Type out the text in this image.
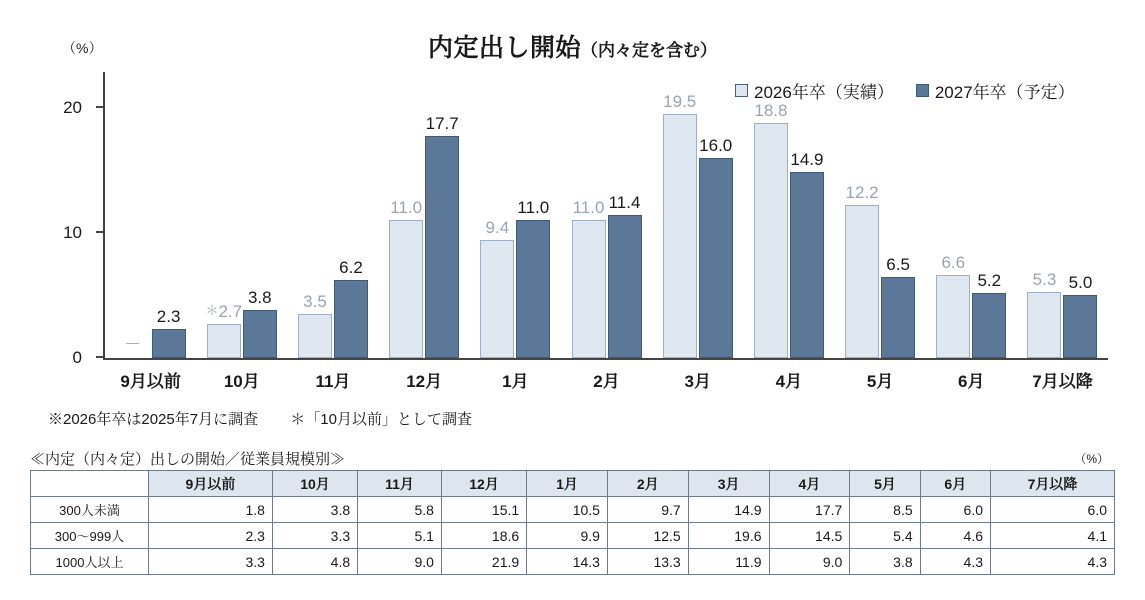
（%）	内定出し開始（内々定を含む）
2026年卒（実績） 2027年卒（予定）
0
10
20
－
2.3
9月以前
＊ 2.7
3.8
10月
3.5
6.2
11月
11.0
17.7
12月
9.4
11.0
1月
11.0 11.4
2月
19.5
16.0
3月
18.8
14.9
4月
12.2
6.5
5月
6.6
5.2
6月
5.3 5.0
7月以降
※2026年卒は2025年7月に調査 ＊「10月以前」として調査
≪内定（内々定）出しの開始／従業員規模別≫	（%）
	9月以前	10月	11月	12月	1月	2月	3月	4月	5月	6月	7月以降
300人未満	1.8	3.8	5.8	15.1	10.5	9.7	14.9	17.7	8.5	6.0	6.0
300〜999人	2.3	3.3	5.1	18.6	9.9	12.5	19.6	14.5	5.4	4.6	4.1
1000人以上	3.3	4.8	9.0	21.9	14.3	13.3	11.9	9.0	3.8	4.3	4.3
